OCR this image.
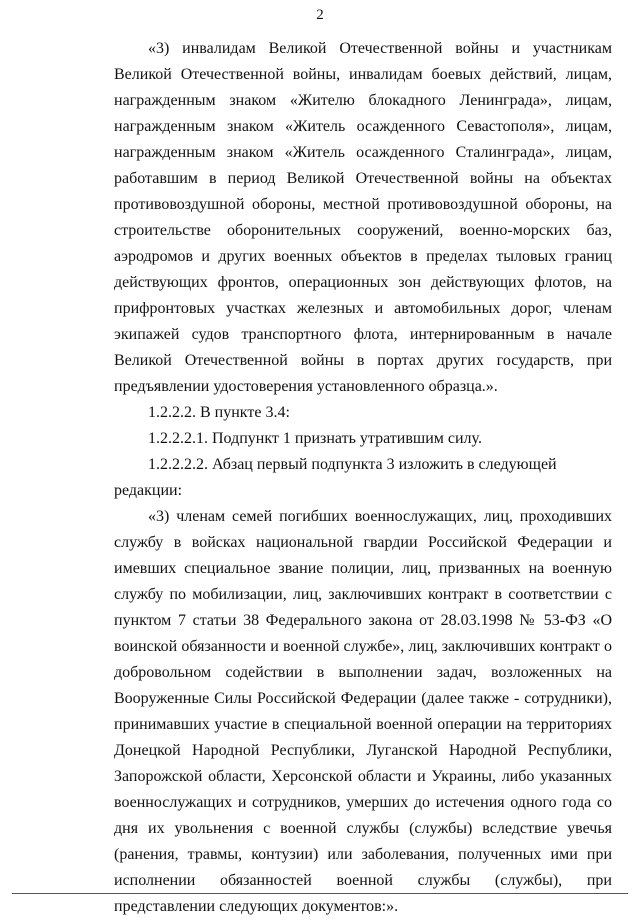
2

«3) инвалидам Великой Отечественной войны и участникам Великой Отечественной войны, инвалидам боевых действий, лицам, награжденным знаком «Жителю блокадного Ленинграда», лицам, награжденным знаком «Житель осажденного Севастополя», лицам, награжденным знаком «Житель осажденного Сталинграда», лицам, работавшим в период Великой Отечественной войны на объектах противовоздушной обороны, местной противовоздушной обороны, на строительстве оборонительных сооружений, военно-морских баз, аэродромов и других военных объектов в пределах тыловых границ действующих фронтов, операционных зон действующих флотов, на прифронтовых участках железных и автомобильных дорог, членам экипажей судов транспортного флота, интернированным в начале Великой Отечественной войны в портах других государств, при предъявлении удостоверения установленного образца.».

1.2.2.2. В пункте 3.4:

1.2.2.2.1. Подпункт 1 признать утратившим силу.

1.2.2.2.2. Абзац первый подпункта 3 изложить в следующей редакции:

«3) членам семей погибших военнослужащих, лиц, проходивших службу в войсках национальной гвардии Российской Федерации и имевших специальное звание полиции, лиц, призванных на военную службу по мобилизации, лиц, заключивших контракт в соответствии с пунктом 7 статьи 38 Федерального закона от 28.03.1998 № 53-ФЗ «О воинской обязанности и военной службе», лиц, заключивших контракт о добровольном содействии в выполнении задач, возложенных на Вооруженные Силы Российской Федерации (далее также - сотрудники), принимавших участие в специальной военной операции на территориях Донецкой Народной Республики, Луганской Народной Республики, Запорожской области, Херсонской области и Украины, либо указанных военнослужащих и сотрудников, умерших до истечения одного года со дня их увольнения с военной службы (службы) вследствие увечья (ранения, травмы, контузии) или заболевания, полученных ими при исполнении обязанностей военной службы (службы), при представлении следующих документов:».
